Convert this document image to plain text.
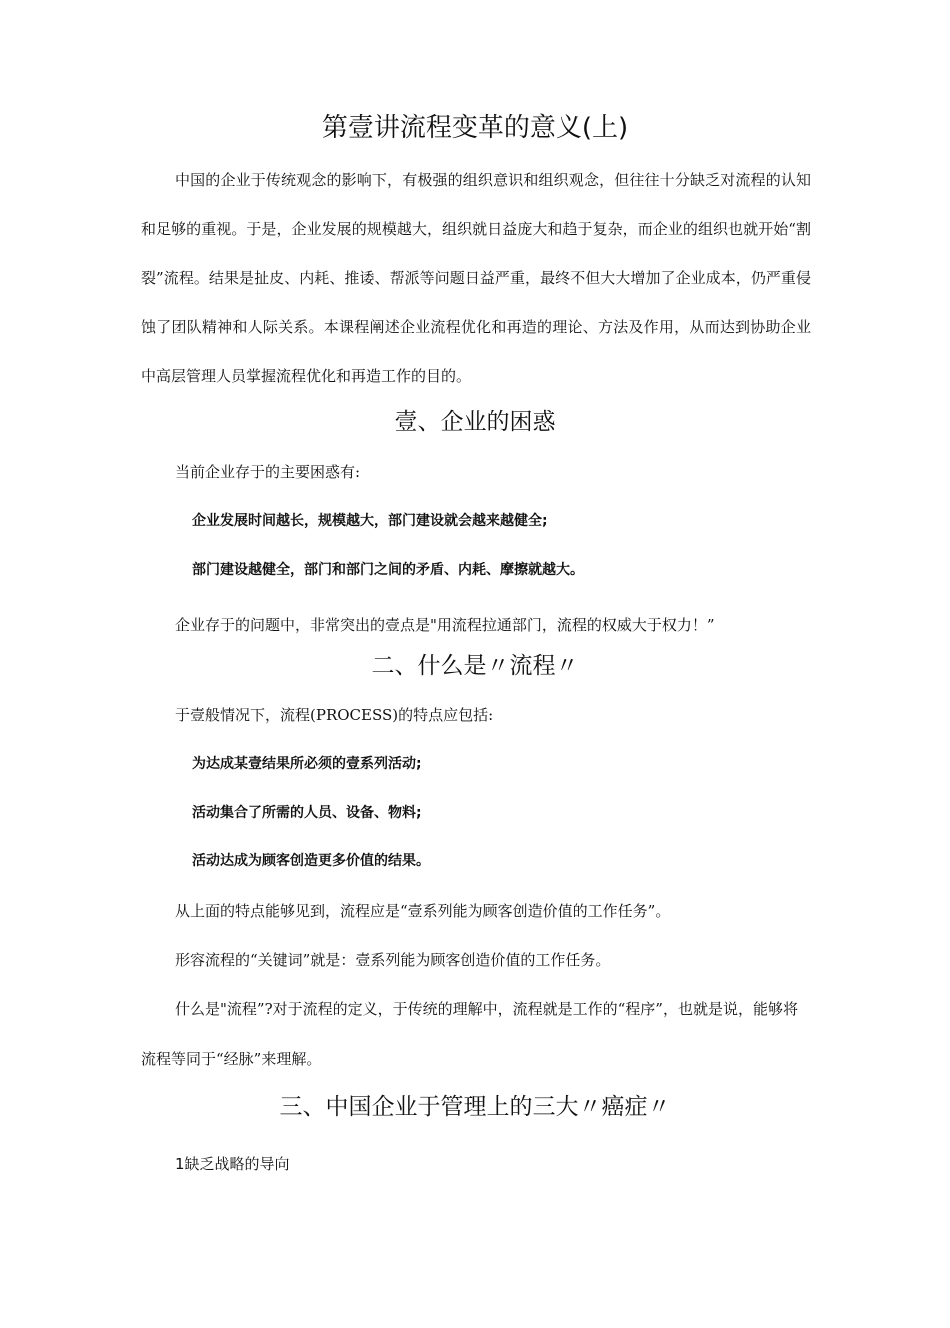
第壹讲流程变革的意义(上)

中国的企业于传统观念的影响下，有极强的组织意识和组织观念，但往往十分缺乏对流程的认知和足够的重视。于是，企业发展的规模越大，组织就日益庞大和趋于复杂，而企业的组织也就开始“割裂”流程。结果是扯皮、内耗、推诿、帮派等问题日益严重，最终不但大大增加了企业成本，仍严重侵蚀了团队精神和人际关系。本课程阐述企业流程优化和再造的理论、方法及作用，从而达到协助企业中高层管理人员掌握流程优化和再造工作的目的。

壹、企业的困惑

当前企业存于的主要困惑有:

企业发展时间越长，规模越大，部门建设就会越来越健全;

部门建设越健全，部门和部门之间的矛盾、内耗、摩擦就越大。

企业存于的问题中，非常突出的壹点是"用流程拉通部门，流程的权威大于权力！”

二、什么是〃流程〃

于壹般情况下，流程(PROCESS)的特点应包括:

为达成某壹结果所必须的壹系列活动;

活动集合了所需的人员、设备、物料;

活动达成为顾客创造更多价值的结果。

从上面的特点能够见到，流程应是“壹系列能为顾客创造价值的工作任务”。

形容流程的“关键词”就是：壹系列能为顾客创造价值的工作任务。

什么是"流程”?对于流程的定义，于传统的理解中，流程就是工作的“程序”，也就是说，能够将流程等同于“经脉”来理解。

三、中国企业于管理上的三大〃癌症〃

1缺乏战略的导向
